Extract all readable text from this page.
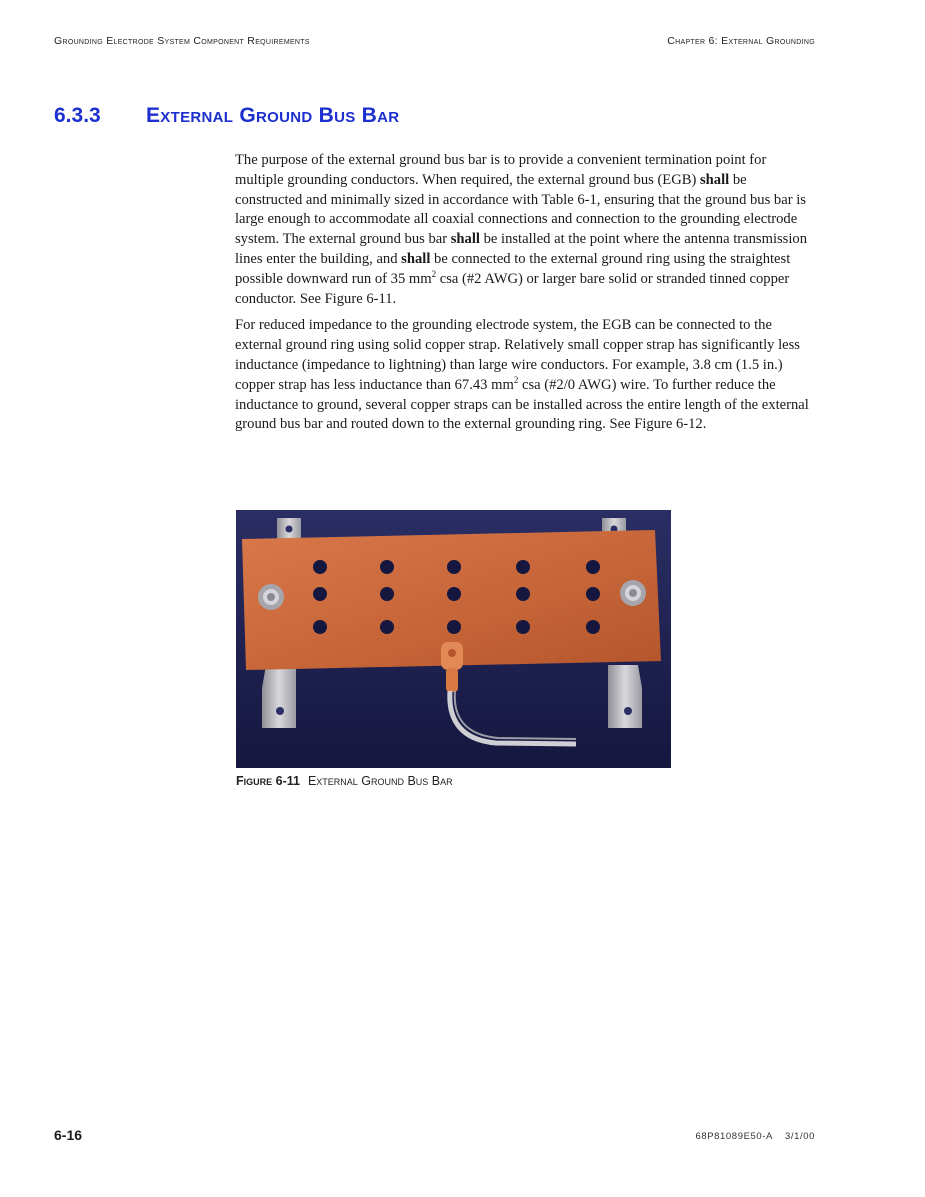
Grounding Electrode System Component Requirements	Chapter 6: External Grounding
6.3.3 External Ground Bus Bar

The purpose of the external ground bus bar is to provide a convenient termination point for multiple grounding conductors. When required, the external ground bus (EGB) shall be constructed and minimally sized in accordance with Table 6-1, ensuring that the ground bus bar is large enough to accommodate all coaxial connections and connection to the grounding electrode system. The external ground bus bar shall be installed at the point where the antenna transmission lines enter the building, and shall be connected to the external ground ring using the straightest possible downward run of 35 $mm^2$ csa (#2 AWG) or larger bare solid or stranded tinned copper conductor. See Figure 6-11.

For reduced impedance to the grounding electrode system, the EGB can be connected to the external ground ring using solid copper strap. Relatively small copper strap has significantly less inductance (impedance to lightning) than large wire conductors. For example, 3.8 cm (1.5 in.) copper strap has less inductance than 67.43 $mm^2$ csa (#2/0 AWG) wire. To further reduce the inductance to ground, several copper straps can be installed across the entire length of the external ground bus bar and routed down to the external grounding ring. See Figure 6-12.

Figure 6-11 External Ground Bus Bar
6-16	68P81089E50-A 3/1/00
